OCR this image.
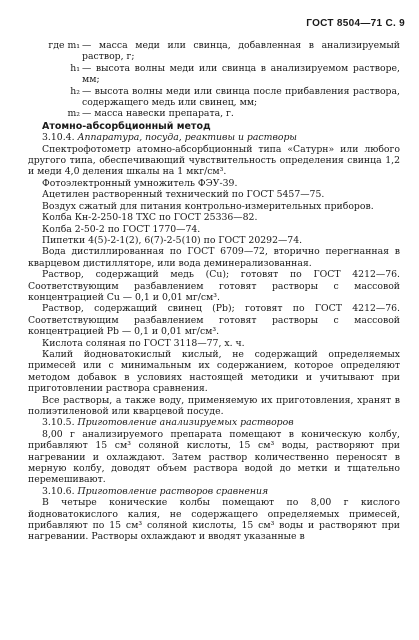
ГОСТ 8504—71 С. 9
где m₁ — масса меди или свинца, добавленная в анализируемый раствор, г;
h₁ — высота волны меди или свинца в анализируемом растворе, мм;
h₂ — высота волны меди или свинца после прибавления раствора, содержащего медь или свинец, мм;
m₂ — масса навески препарата, г.
Атомно-абсорбционный метод

3.10.4. Аппаратура, посуда, реактивы и растворы

Спектрофотометр атомно-абсорбционный типа «Сатурн» или любого другого типа, обеспечивающий чувствительность определения свинца 1,2 и меди 4,0 деления шкалы на 1 мкг/см³.

Фотоэлектронный умножитель ФЭУ-39.

Ацетилен растворенный технический по ГОСТ 5457—75.

Воздух сжатый для питания контрольно-измерительных приборов.

Колба Кн-2-250-18 ТХС по ГОСТ 25336—82.

Колба 2-50-2 по ГОСТ 1770—74.

Пипетки 4(5)-2-1(2), 6(7)-2-5(10) по ГОСТ 20292—74.

Вода дистиллированная по ГОСТ 6709—72, вторично перегнанная в кварцевом дистилляторе, или вода деминерализованная.

Раствор, содержащий медь (Cu); готовят по ГОСТ 4212—76. Соответствующим разбавлением готовят растворы с массовой концентрацией Cu — 0,1 и 0,01 мг/см³.

Раствор, содержащий свинец (Pb); готовят по ГОСТ 4212—76. Соответствующим разбавлением готовят растворы с массовой концентрацией Pb — 0,1 и 0,01 мг/см³.

Кислота соляная по ГОСТ 3118—77, х. ч.

Калий йодноватокислый кислый, не содержащий определяемых примесей или с минимальным их содержанием, которое определяют методом добавок в условиях настоящей методики и учитывают при приготовлении раствора сравнения.

Все растворы, а также воду, применяемую их приготовления, хранят в полиэтиленовой или кварцевой посуде.

3.10.5. Приготовление анализируемых растворов

8,00 г анализируемого препарата помещают в коническую колбу, прибавляют 15 см³ соляной кислоты, 15 см³ воды, растворяют при нагревании и охлаждают. Затем раствор количественно переносят в мерную колбу, доводят объем раствора водой до метки и тщательно перемешивают.

3.10.6. Приготовление растворов сравнения

В четыре конические колбы помещают по 8,00 г кислого йодноватокислого калия, не содержащего определяемых примесей, прибавляют по 15 см³ соляной кислоты, 15 см³ воды и растворяют при нагревании. Растворы охлаждают и вводят указанные в
